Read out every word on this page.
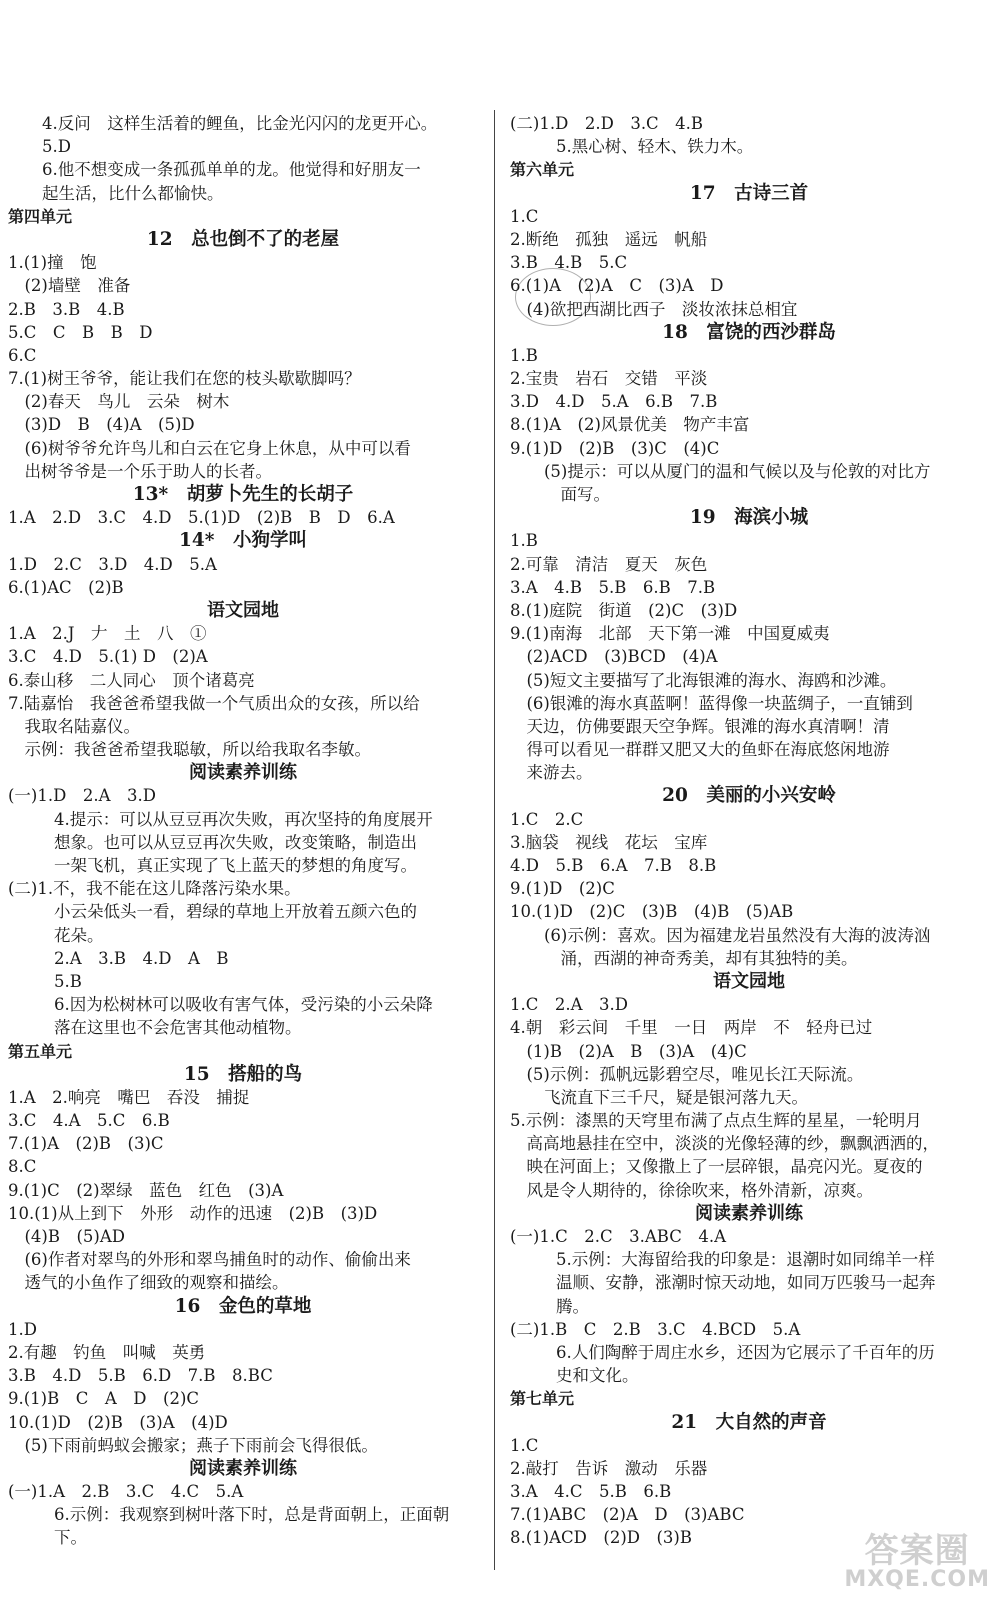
4.反问　这样生活着的鲤鱼，比金光闪闪的龙更开心。
5.D
6.他不想变成一条孤孤单单的龙。他觉得和好朋友一
起生活，比什么都愉快。
第四单元
12　总也倒不了的老屋
1.(1)撞　饱
　(2)墙壁　准备
2.B　3.B　4.B
5.C　C　B　B　D
6.C
7.(1)树王爷爷，能让我们在您的枝头歇歇脚吗？
　(2)春天　鸟儿　云朵　树木
　(3)D　B　(4)A　(5)D
　(6)树爷爷允许鸟儿和白云在它身上休息，从中可以看
　出树爷爷是一个乐于助人的长者。
13*　胡萝卜先生的长胡子
1.A　2.D　3.C　4.D　5.(1)D　(2)B　B　D　6.A
14*　小狗学叫
1.D　2.C　3.D　4.D　5.A
6.(1)AC　(2)B
语文园地
1.A　2.J　𠂇　土　八　①
3.C　4.D　5.(1) D　(2)A
6.泰山移　二人同心　顶个诸葛亮
7.陆嘉怡　我爸爸希望我做一个气质出众的女孩，所以给
　我取名陆嘉仪。
　示例：我爸爸希望我聪敏，所以给我取名李敏。
阅读素养训练
(一)1.D　2.A　3.D
4.提示：可以从豆豆再次失败，再次坚持的角度展开
想象。也可以从豆豆再次失败，改变策略，制造出
一架飞机，真正实现了飞上蓝天的梦想的角度写。
(二)1.不，我不能在这儿降落污染水果。
小云朵低头一看，碧绿的草地上开放着五颜六色的
花朵。
2.A　3.B　4.D　A　B
5.B
6.因为松树林可以吸收有害气体，受污染的小云朵降
落在这里也不会危害其他动植物。
第五单元
15　搭船的鸟
1.A　2.响亮　嘴巴　吞没　捕捉
3.C　4.A　5.C　6.B
7.(1)A　(2)B　(3)C
8.C
9.(1)C　(2)翠绿　蓝色　红色　(3)A
10.(1)从上到下　外形　动作的迅速　(2)B　(3)D
　(4)B　(5)AD
　(6)作者对翠鸟的外形和翠鸟捕鱼时的动作、偷偷出来
　透气的小鱼作了细致的观察和描绘。
16　金色的草地
1.D
2.有趣　钓鱼　叫喊　英勇
3.B　4.D　5.B　6.D　7.B　8.BC
9.(1)B　C　A　D　(2)C
10.(1)D　(2)B　(3)A　(4)D
　(5)下雨前蚂蚁会搬家；燕子下雨前会飞得很低。
阅读素养训练
(一)1.A　2.B　3.C　4.C　5.A
6.示例：我观察到树叶落下时，总是背面朝上，正面朝
下。
(二)1.D　2.D　3.C　4.B
5.黑心树、轻木、铁力木。
第六单元
17　古诗三首
1.C
2.断绝　孤独　遥远　帆船
3.B　4.B　5.C
6.(1)A　(2)A　C　(3)A　D
　(4)欲把西湖比西子　淡妆浓抹总相宜
18　富饶的西沙群岛
1.B
2.宝贵　岩石　交错　平淡
3.D　4.D　5.A　6.B　7.B
8.(1)A　(2)风景优美　物产丰富
9.(1)D　(2)B　(3)C　(4)C
(5)提示：可以从厦门的温和气候以及与伦敦的对比方
　面写。
19　海滨小城
1.B
2.可靠　清洁　夏天　灰色
3.A　4.B　5.B　6.B　7.B
8.(1)庭院　街道　(2)C　(3)D
9.(1)南海　北部　天下第一滩　中国夏威夷
　(2)ACD　(3)BCD　(4)A
　(5)短文主要描写了北海银滩的海水、海鸥和沙滩。
　(6)银滩的海水真蓝啊！蓝得像一块蓝绸子，一直铺到
　天边，仿佛要跟天空争辉。银滩的海水真清啊！清
　得可以看见一群群又肥又大的鱼虾在海底悠闲地游
　来游去。
20　美丽的小兴安岭
1.C　2.C
3.脑袋　视线　花坛　宝库
4.D　5.B　6.A　7.B　8.B
9.(1)D　(2)C
10.(1)D　(2)C　(3)B　(4)B　(5)AB
(6)示例：喜欢。因为福建龙岩虽然没有大海的波涛汹
　涌，西湖的神奇秀美，却有其独特的美。
语文园地
1.C　2.A　3.D
4.朝　彩云间　千里　一日　两岸　不　轻舟已过
　(1)B　(2)A　B　(3)A　(4)C
　(5)示例：孤帆远影碧空尽，唯见长江天际流。
飞流直下三千尺，疑是银河落九天。
5.示例：漆黑的天穹里布满了点点生辉的星星，一轮明月
　高高地悬挂在空中，淡淡的光像轻薄的纱，飘飘洒洒的，
　映在河面上；又像撒上了一层碎银，晶亮闪光。夏夜的
　风是令人期待的，徐徐吹来，格外清新，凉爽。
阅读素养训练
(一)1.C　2.C　3.ABC　4.A
5.示例：大海留给我的印象是：退潮时如同绵羊一样
温顺、安静，涨潮时惊天动地，如同万匹骏马一起奔
腾。
(二)1.B　C　2.B　3.C　4.BCD　5.A
6.人们陶醉于周庄水乡，还因为它展示了千百年的历
史和文化。
第七单元
21　大自然的声音
1.C
2.敲打　告诉　激动　乐器
3.A　4.C　5.B　6.B
7.(1)ABC　(2)A　D　(3)ABC
8.(1)ACD　(2)D　(3)B	答案圈
MXQE.COM
